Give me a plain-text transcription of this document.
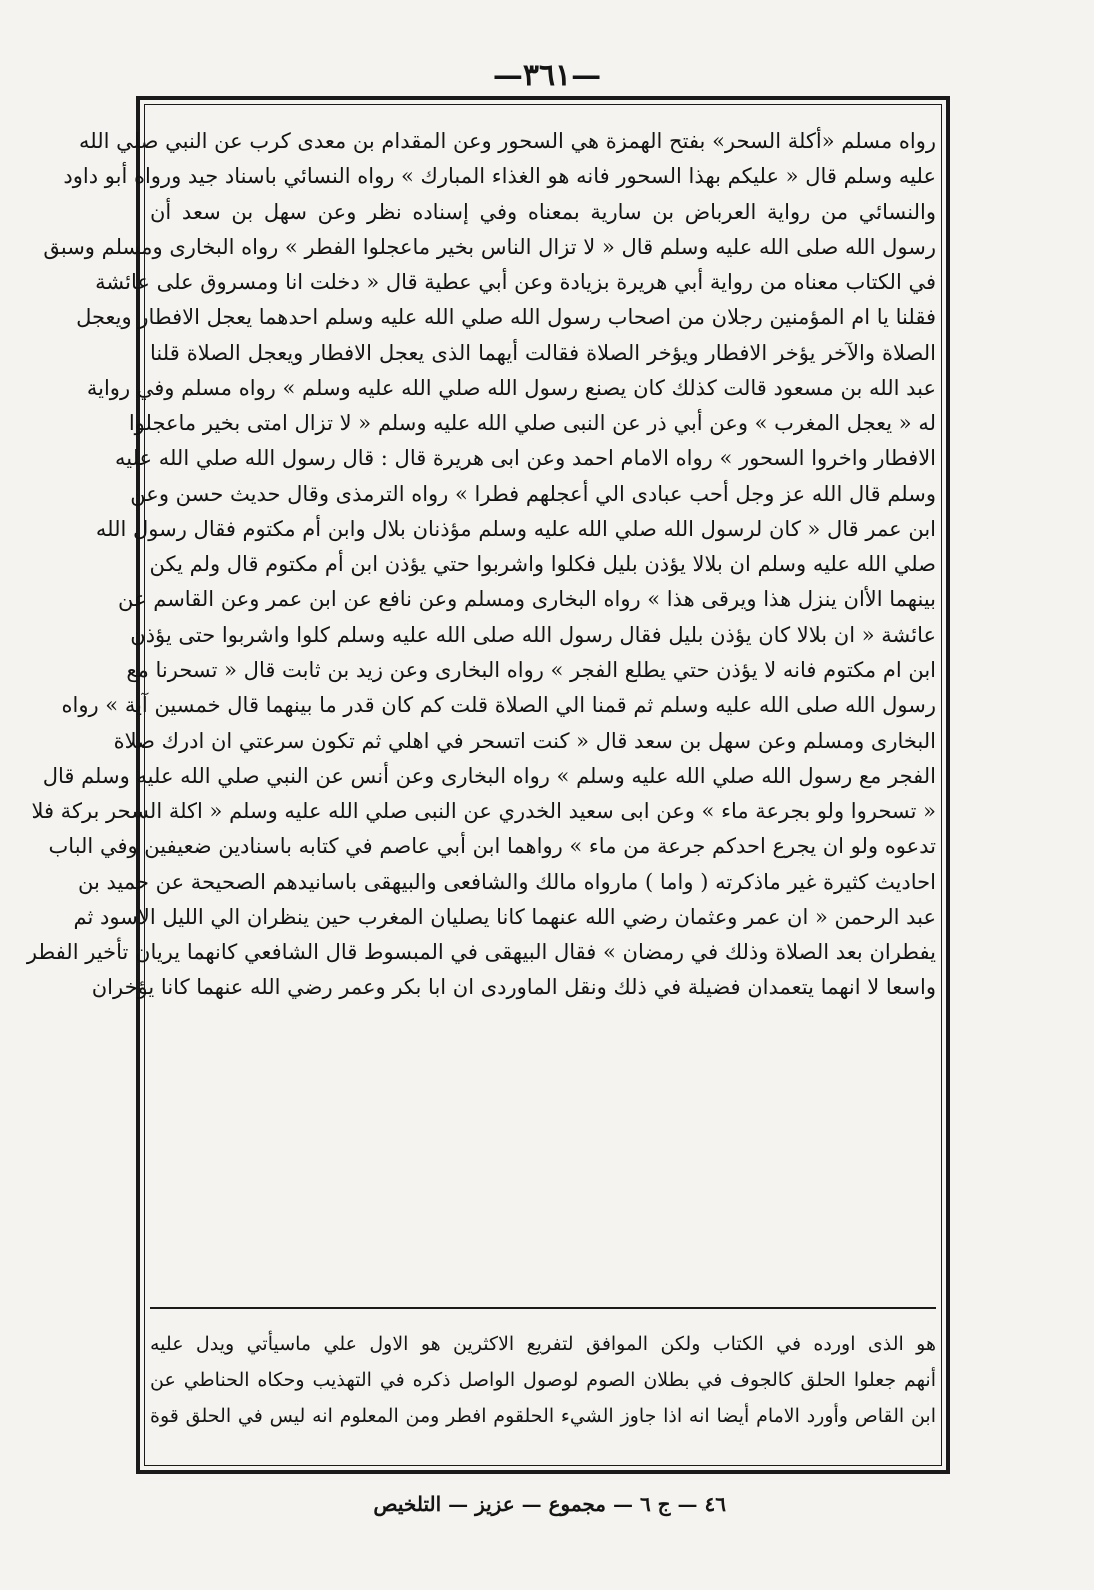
—٣٦١—
رواه مسلم «أكلة السحر» بفتح الهمزة هي السحور وعن المقدام بن معدى كرب عن النبي صلي الله
عليه وسلم قال « عليكم بهذا السحور فانه هو الغذاء المبارك » رواه النسائي باسناد جيد ورواه أبو داود
والنسائي من رواية العرباض بن سارية بمعناه وفي إسناده نظر وعن سهل بن سعد أن
رسول الله صلى الله عليه وسلم قال « لا تزال الناس بخير ماعجلوا الفطر » رواه البخارى ومسلم وسبق
في الكتاب معناه من رواية أبي هريرة بزيادة وعن أبي عطية قال « دخلت انا ومسروق على عائشة
فقلنا يا ام المؤمنين رجلان من اصحاب رسول الله صلي الله عليه وسلم احدهما يعجل الافطار ويعجل
الصلاة والآخر يؤخر الافطار ويؤخر الصلاة فقالت أيهما الذى يعجل الافطار ويعجل الصلاة قلنا
عبد الله بن مسعود قالت كذلك كان يصنع رسول الله صلي الله عليه وسلم » رواه مسلم وفي رواية
له « يعجل المغرب » وعن أبي ذر عن النبى صلي الله عليه وسلم « لا تزال امتى بخير ماعجلوا
الافطار واخروا السحور » رواه الامام احمد وعن ابى هريرة قال : قال رسول الله صلي الله عليه
وسلم قال الله عز وجل أحب عبادى الي أعجلهم فطرا » رواه الترمذى وقال حديث حسن وعن
ابن عمر قال « كان لرسول الله صلي الله عليه وسلم مؤذنان بلال وابن أم مكتوم فقال رسول الله
صلي الله عليه وسلم ان بلالا يؤذن بليل فكلوا واشربوا حتي يؤذن ابن أم مكتوم قال ولم يكن
بينهما الأان ينزل هذا ويرقى هذا » رواه البخارى ومسلم وعن نافع عن ابن عمر وعن القاسم عن
عائشة « ان بلالا كان يؤذن بليل فقال رسول الله صلى الله عليه وسلم كلوا واشربوا حتى يؤذن
ابن ام مكتوم فانه لا يؤذن حتي يطلع الفجر » رواه البخارى وعن زيد بن ثابت قال « تسحرنا مع
رسول الله صلى الله عليه وسلم ثم قمنا الي الصلاة قلت كم كان قدر ما بينهما قال خمسين آية » رواه
البخارى ومسلم وعن سهل بن سعد قال « كنت اتسحر في اهلي ثم تكون سرعتي ان ادرك صلاة
الفجر مع رسول الله صلي الله عليه وسلم » رواه البخارى وعن أنس عن النبي صلي الله عليه وسلم قال
« تسحروا ولو بجرعة ماء » وعن ابى سعيد الخدري عن النبى صلي الله عليه وسلم « اكلة السحر بركة فلا
تدعوه ولو ان يجرع احدكم جرعة من ماء » رواهما ابن أبي عاصم في كتابه باسنادين ضعيفين وفي الباب
احاديث كثيرة غير ماذكرته ( واما ) مارواه مالك والشافعى والبيهقى باسانيدهم الصحيحة عن حميد بن
عبد الرحمن « ان عمر وعثمان رضي الله عنهما كانا يصليان المغرب حين ينظران الي الليل الاسود ثم
يفطران بعد الصلاة وذلك في رمضان » فقال البيهقى في المبسوط قال الشافعي كانهما يريان تأخير الفطر
واسعا لا انهما يتعمدان فضيلة في ذلك ونقل الماوردى ان ابا بكر وعمر رضي الله عنهما كانا يؤخران
هو الذى اورده في الكتاب ولكن الموافق لتفريع الاكثرين هو الاول علي ماسيأتي ويدل عليه
أنهم جعلوا الحلق كالجوف في بطلان الصوم لوصول الواصل ذكره في التهذيب وحكاه الحناطي عن
ابن القاص وأورد الامام أيضا انه اذا جاوز الشيء الحلقوم افطر ومن المعلوم انه ليس في الحلق قوة
٤٦ — ج ٦ — مجموع — عزيز — التلخيص
